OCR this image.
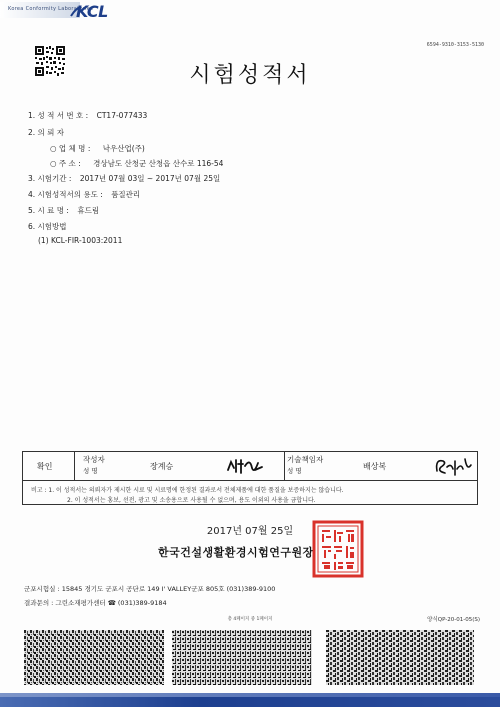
Korea Conformity Laboratories
KCL
6594-9310-3153-5130
시험성적서
1. 성 적 서 번 호 : CT17-077433
2. 의 뢰 자
○ 업 체 명 : 낙우산업(주)
○ 주 소 : 경상남도 산청군 산청읍 산수로 116-54
3. 시험기간 : 2017년 07월 03일 ~ 2017년 07월 25일
4. 시험성적서의 용도 : 품질관리
5. 시 료 명 : 휴드림
6. 시험방법
(1) KCL-FIR-1003:2011
확인
작성자
성 명	장계승
기술책임자
성 명	배상복
비고 : 1. 이 성적서는 의뢰자가 제시한 시료 및 시료명에 한정된 결과로서 전체제품에 대한 품질을 보증하지는 않습니다.
2. 이 성적서는 홍보, 선전, 광고 및 소송용으로 사용될 수 없으며, 용도 이외의 사용을 금합니다.
2017년 07월 25일
한국건설생활환경시험연구원장
군포시험실 : 15845 경기도 군포시 공단로 149 I' VALLEY군포 805호 (031)389-9100
결과문의 : 그린소재평가센터 ☎ (031)389-9184
총 4페이지 중 1페이지	양식QP-20-01-05(S)
